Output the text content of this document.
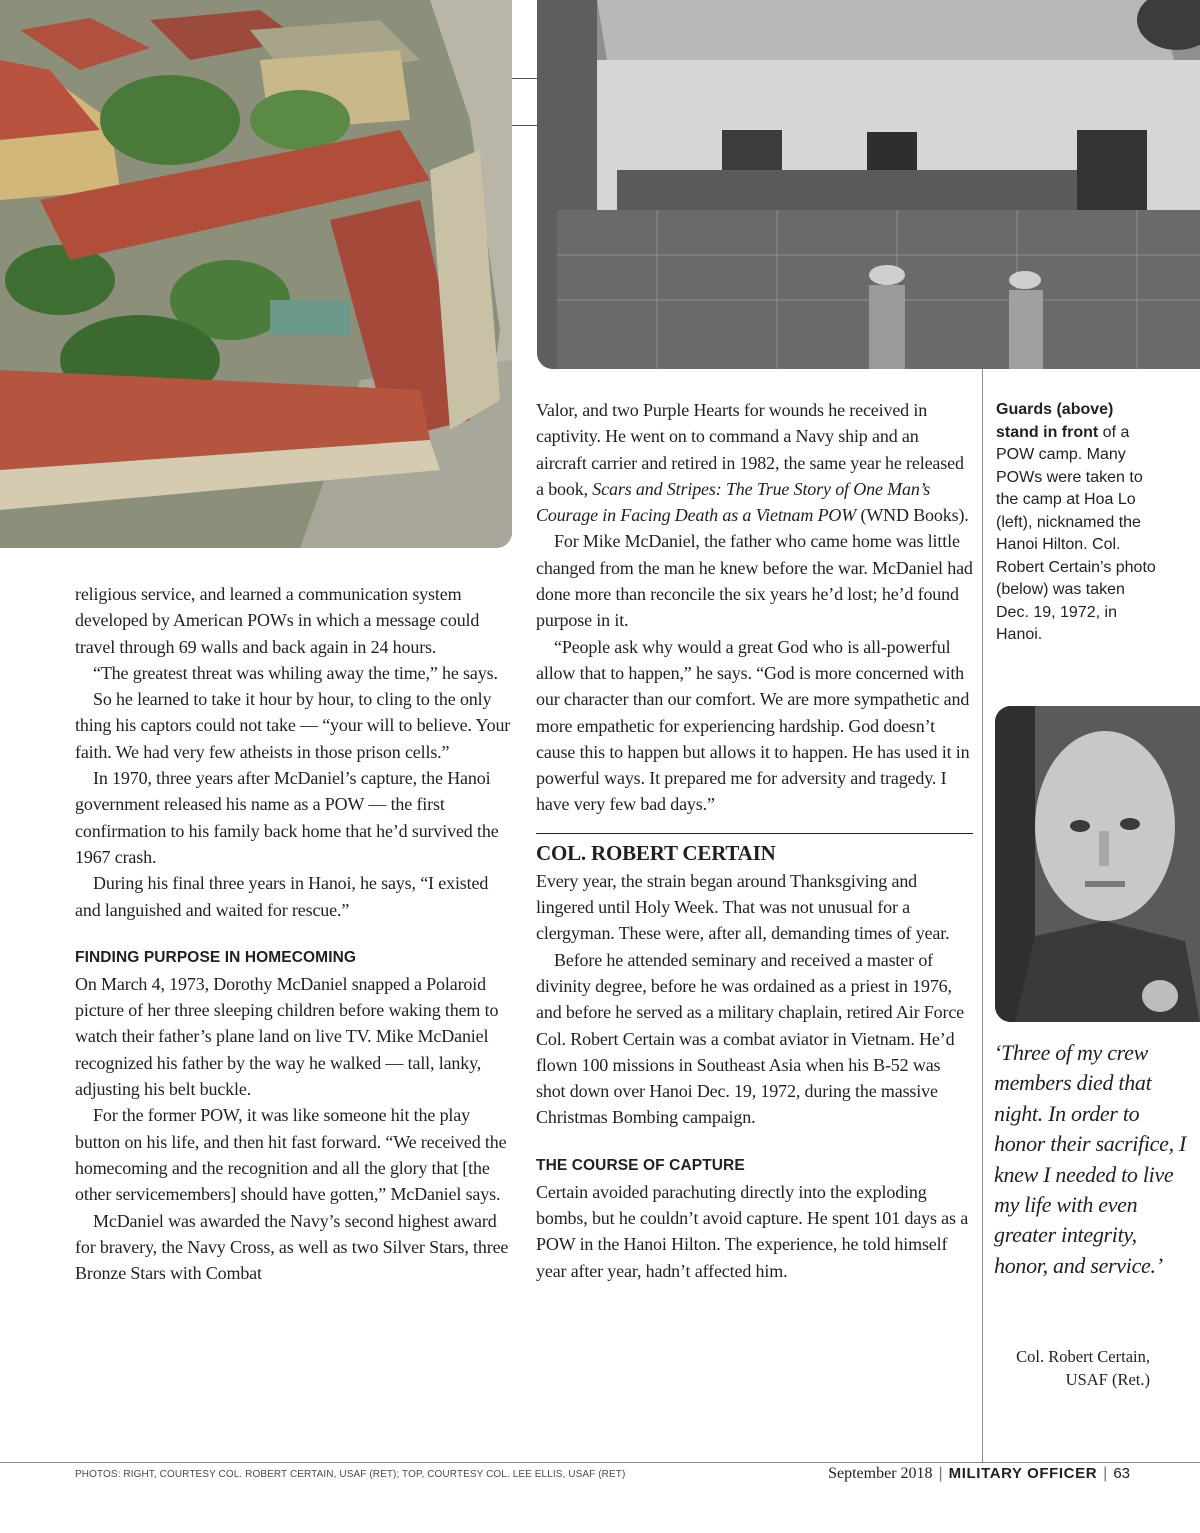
religious service, and learned a communication system developed by American POWs in which a message could travel through 69 walls and back again in 24 hours.

“The greatest threat was whiling away the time,” he says.

So he learned to take it hour by hour, to cling to the only thing his captors could not take — “your will to believe. Your faith. We had very few atheists in those prison cells.”

In 1970, three years after McDaniel’s capture, the Hanoi government released his name as a POW — the first confirmation to his family back home that he’d survived the 1967 crash.

During his final three years in Hanoi, he says, “I existed and languished and waited for rescue.”

FINDING PURPOSE IN HOMECOMING

On March 4, 1973, Dorothy McDaniel snapped a Polaroid picture of her three sleeping children before waking them to watch their father’s plane land on live TV. Mike McDaniel recognized his father by the way he walked — tall, lanky, adjusting his belt buckle.

For the former POW, it was like someone hit the play button on his life, and then hit fast forward. “We received the homecoming and the recognition and all the glory that [the other servicemembers] should have gotten,” McDaniel says.

McDaniel was awarded the Navy’s second highest award for bravery, the Navy Cross, as well as two Silver Stars, three Bronze Stars with Combat

Valor, and two Purple Hearts for wounds he received in captivity. He went on to command a Navy ship and an aircraft carrier and retired in 1982, the same year he released a book, Scars and Stripes: The True Story of One Man’s Courage in Facing Death as a Vietnam POW (WND Books).

For Mike McDaniel, the father who came home was little changed from the man he knew before the war. McDaniel had done more than reconcile the six years he’d lost; he’d found purpose in it.

“People ask why would a great God who is all-powerful allow that to happen,” he says. “God is more concerned with our character than our comfort. We are more sympathetic and more empathetic for experiencing hardship. God doesn’t cause this to happen but allows it to happen. He has used it in powerful ways. It prepared me for adversity and tragedy. I have very few bad days.”

COL. ROBERT CERTAIN

Every year, the strain began around Thanksgiving and lingered until Holy Week. That was not unusual for a clergyman. These were, after all, demanding times of year.

Before he attended seminary and received a master of divinity degree, before he was ordained as a priest in 1976, and before he served as a military chaplain, retired Air Force Col. Robert Certain was a combat aviator in Vietnam. He’d flown 100 missions in Southeast Asia when his B-52 was shot down over Hanoi Dec. 19, 1972, during the massive Christmas Bombing campaign.

THE COURSE OF CAPTURE

Certain avoided parachuting directly into the exploding bombs, but he couldn’t avoid capture. He spent 101 days as a POW in the Hanoi Hilton. The experience, he told himself year after year, hadn’t affected him.

Guards (above) stand in front of a POW camp. Many POWs were taken to the camp at Hoa Lo (left), nicknamed the Hanoi Hilton. Col. Robert Certain’s photo (below) was taken Dec. 19, 1972, in Hanoi.
‘Three of my crew members died that night. In order to honor their sacrifice, I knew I needed to live my life with even greater integrity, honor, and service.’
Col. Robert Certain, USAF (Ret.)
PHOTOS: RIGHT, COURTESY COL. ROBERT CERTAIN, USAF (RET); TOP, COURTESY COL. LEE ELLIS, USAF (RET)	September 2018 | MILITARY OFFICER | 63
